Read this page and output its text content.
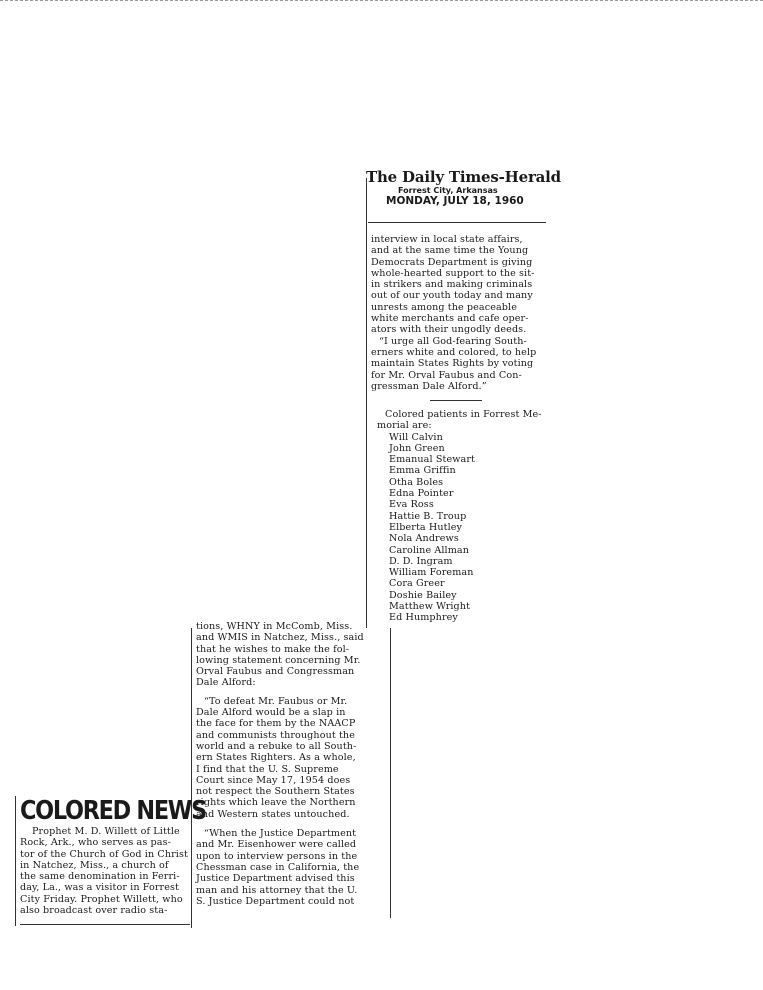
The Daily Times-Herald
Forrest City, Arkansas
MONDAY, JULY 18, 1960

interview in local state affairs,

and at the same time the Young

Democrats Department is giving

whole-hearted support to the sit-

in strikers and making criminals

out of our youth today and many

unrests among the peaceable

white merchants and cafe oper-

ators with their ungodly deeds.

“I urge all God-fearing South-

erners white and colored, to help

maintain States Rights by voting

for Mr. Orval Faubus and Con-

gressman Dale Alford.”

Colored patients in Forrest Me-

morial are:

Will Calvin

John Green

Emanual Stewart

Emma Griffin

Otha Boles

Edna Pointer

Eva Ross

Hattie B. Troup

Elberta Hutley

Nola Andrews

Caroline Allman

D. D. Ingram

William Foreman

Cora Greer

Doshie Bailey

Matthew Wright

Ed Humphrey

tions, WHNY in McComb, Miss.

and WMIS in Natchez, Miss., said

that he wishes to make the fol-

lowing statement concerning Mr.

Orval Faubus and Congressman

Dale Alford:

“To defeat Mr. Faubus or Mr.

Dale Alford would be a slap in

the face for them by the NAACP

and communists throughout the

world and a rebuke to all South-

ern States Righters. As a whole,

I find that the U. S. Supreme

Court since May 17, 1954 does

not respect the Southern States

rights which leave the Northern

and Western states untouched.

“When the Justice Department

and Mr. Eisenhower were called

upon to interview persons in the

Chessman case in California, the

Justice Department advised this

man and his attorney that the U.

S. Justice Department could not

COLORED NEWS

Prophet M. D. Willett of Little

Rock, Ark., who serves as pas-

tor of the Church of God in Christ

in Natchez, Miss., a church of

the same denomination in Ferri-

day, La., was a visitor in Forrest

City Friday. Prophet Willett, who

also broadcast over radio sta-
